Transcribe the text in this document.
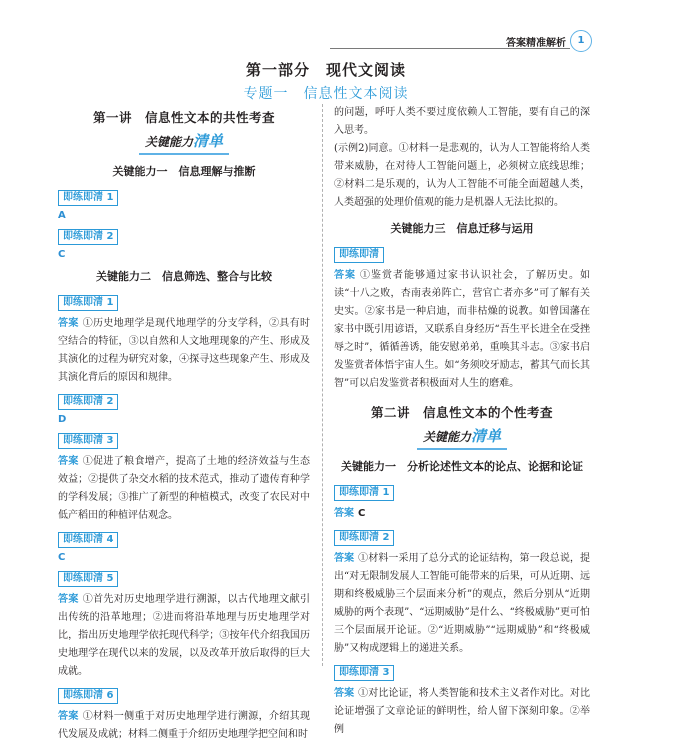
答案精准解析	1
第一部分　现代文阅读
专题一　信息性文本阅读
第一讲　信息性文本的共性考查
关键能力清单
关键能力一　信息理解与推断
即练即清 1
A
即练即清 2
C
关键能力二　信息筛选、整合与比较
即练即清 1

答案 ①历史地理学是现代地理学的分支学科，②具有时空结合的特征，③以自然和人文地理现象的产生、形成及其演化的过程为研究对象，④探寻这些现象产生、形成及其演化背后的原因和规律。

即练即清 2
D
即练即清 3

答案 ①促进了粮食增产，提高了土地的经济效益与生态效益；②提供了杂交水稻的技术范式，推动了遗传育种学的学科发展；③推广了新型的种植模式，改变了农民对中低产稻田的种植评估观念。

即练即清 4
C
即练即清 5

答案 ①首先对历史地理学进行溯源，以古代地理文献引出传统的沿革地理；②进而将沿革地理与历史地理学对比，指出历史地理学依托现代科学；③按年代介绍我国历史地理学在现代以来的发展，以及改革开放后取得的巨大成就。

即练即清 6

答案 ①材料一侧重于对历史地理学进行溯源，介绍其现代发展及成就；材料二侧重于介绍历史地理学把空间和时

的问题，呼吁人类不要过度依赖人工智能，要有自己的深入思考。

(示例2)同意。①材料一是悲观的，认为人工智能将给人类带来威胁，在对待人工智能问题上，必须树立底线思维；②材料二是乐观的，认为人工智能不可能全面超越人类，人类超强的处理价值观的能力是机器人无法比拟的。

关键能力三　信息迁移与运用
即练即清

答案 ①鉴赏者能够通过家书认识社会，了解历史。如读“十八之败，杏南表弟阵亡，营官亡者亦多”可了解有关史实。②家书是一种启迪，而非枯燥的说教。如曾国藩在家书中既引用谚语，又联系自身经历“吾生平长进全在受挫辱之时”，循循善诱，能安慰弟弟，重唤其斗志。③家书启发鉴赏者体悟宇宙人生。如“务须咬牙励志，蓄其气而长其智”可以启发鉴赏者积极面对人生的磨难。

第二讲　信息性文本的个性考查
关键能力清单
关键能力一　分析论述性文本的论点、论据和论证
即练即清 1

答案 C

即练即清 2

答案 ①材料一采用了总分式的论证结构，第一段总说，提出“对无限制发展人工智能可能带来的后果，可从近期、远期和终极威胁三个层面来分析”的观点，然后分别从“近期威胁的两个表现”、“远期威胁”是什么、“终极威胁”更可怕三个层面展开论证。②“近期威胁”“远期威胁”和“终极威胁”又构成逻辑上的递进关系。

即练即清 3

答案 ①对比论证，将人类智能和技术主义者作对比。对比论证增强了文章论证的鲜明性，给人留下深刻印象。②举例
